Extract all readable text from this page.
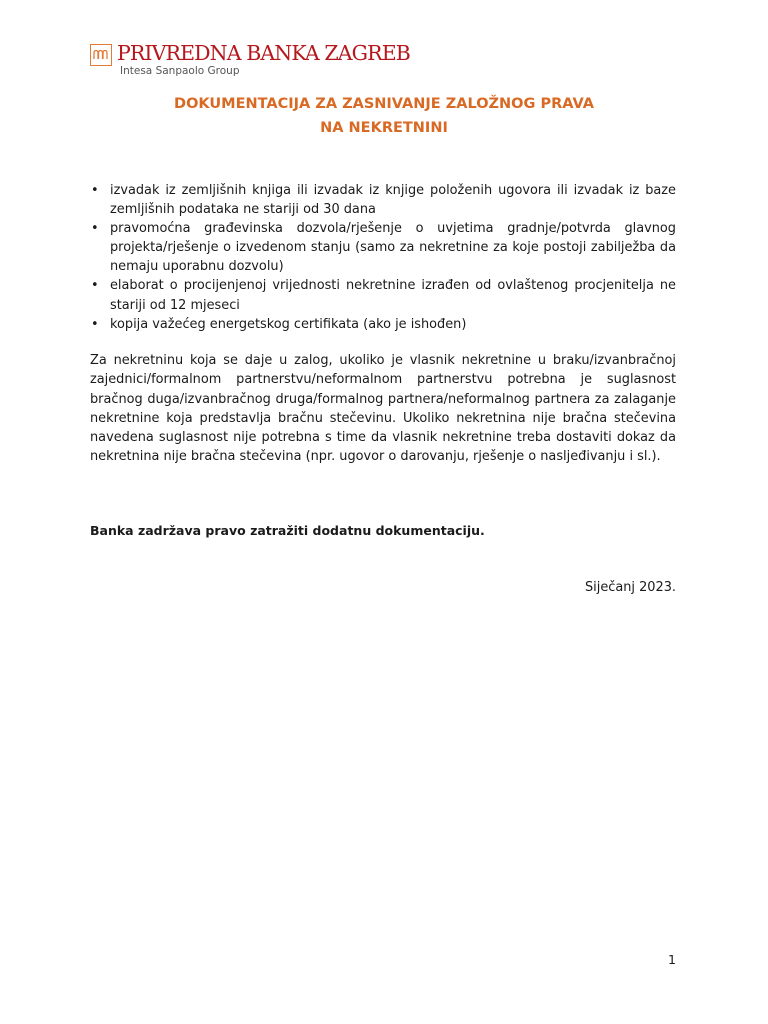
PRIVREDNA BANKA ZAGREB
Intesa Sanpaolo Group
DOKUMENTACIJA ZA ZASNIVANJE ZALOŽNOG PRAVA
NA NEKRETNINI
• izvadak iz zemljišnih knjiga ili izvadak iz knjige položenih ugovora ili izvadak iz baze zemljišnih podataka ne stariji od 30 dana
• pravomoćna građevinska dozvola/rješenje o uvjetima gradnje/potvrda glavnog projekta/rješenje o izvedenom stanju (samo za nekretnine za koje postoji zabilježba da nemaju uporabnu dozvolu)
• elaborat o procijenjenoj vrijednosti nekretnine izrađen od ovlaštenog procjenitelja ne stariji od 12 mjeseci
• kopija važećeg energetskog certifikata (ako je ishođen)

Za nekretninu koja se daje u zalog, ukoliko je vlasnik nekretnine u braku/izvanbračnoj zajednici/formalnom partnerstvu/neformalnom partnerstvu potrebna je suglasnost bračnog duga/izvanbračnog druga/formalnog partnera/neformalnog partnera za zalaganje nekretnine koja predstavlja bračnu stečevinu. Ukoliko nekretnina nije bračna stečevina navedena suglasnost nije potrebna s time da vlasnik nekretnine treba dostaviti dokaz da nekretnina nije bračna stečevina (npr. ugovor o darovanju, rješenje o nasljeđivanju i sl.).

Banka zadržava pravo zatražiti dodatnu dokumentaciju.

Siječanj 2023.

1
